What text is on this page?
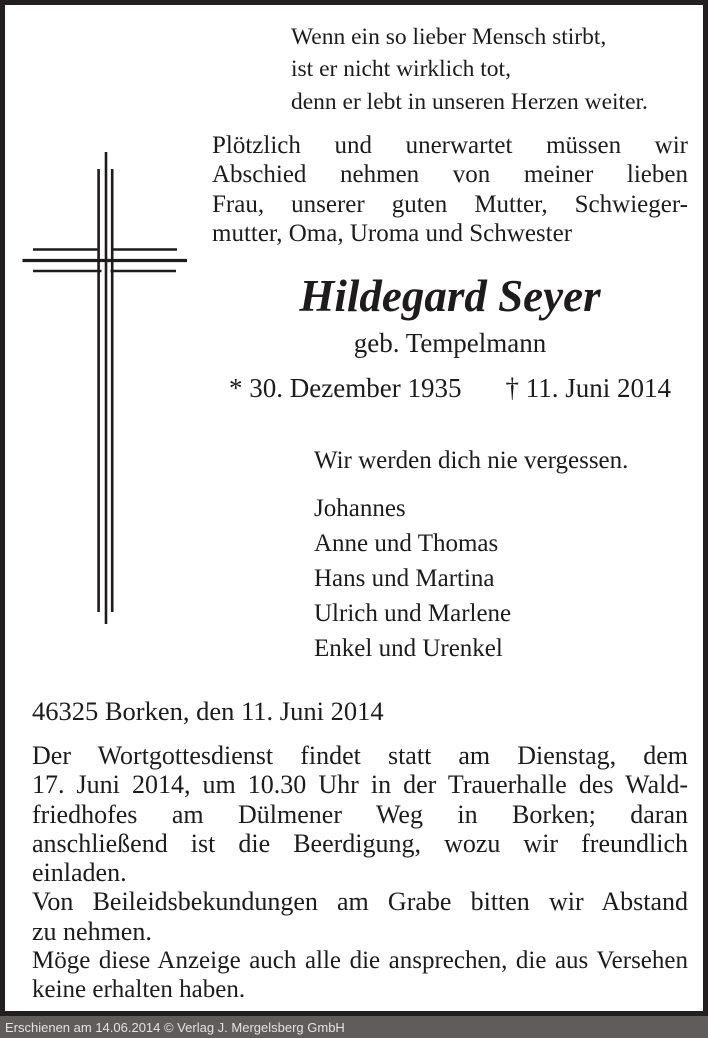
Wenn ein so lieber Mensch stirbt,
ist er nicht wirklich tot,
denn er lebt in unseren Herzen weiter.
Plötzlich und unerwartet müssen wir
Abschied nehmen von meiner lieben
Frau, unserer guten Mutter, Schwieger-
mutter, Oma, Uroma und Schwester
Hildegard Seyer
geb. Tempelmann
* 30. Dezember 1935 † 11. Juni 2014
Wir werden dich nie vergessen.
Johannes
Anne und Thomas
Hans und Martina
Ulrich und Marlene
Enkel und Urenkel
46325 Borken, den 11. Juni 2014
Der Wortgottesdienst findet statt am Dienstag, dem
17. Juni 2014, um 10.30 Uhr in der Trauerhalle des Wald-
friedhofes am Dülmener Weg in Borken; daran
anschließend ist die Beerdigung, wozu wir freundlich
einladen.
Von Beileidsbekundungen am Grabe bitten wir Abstand
zu nehmen.
Möge diese Anzeige auch alle die ansprechen, die aus Versehen
keine erhalten haben.
Erschienen am 14.06.2014 © Verlag J. Mergelsberg GmbH
